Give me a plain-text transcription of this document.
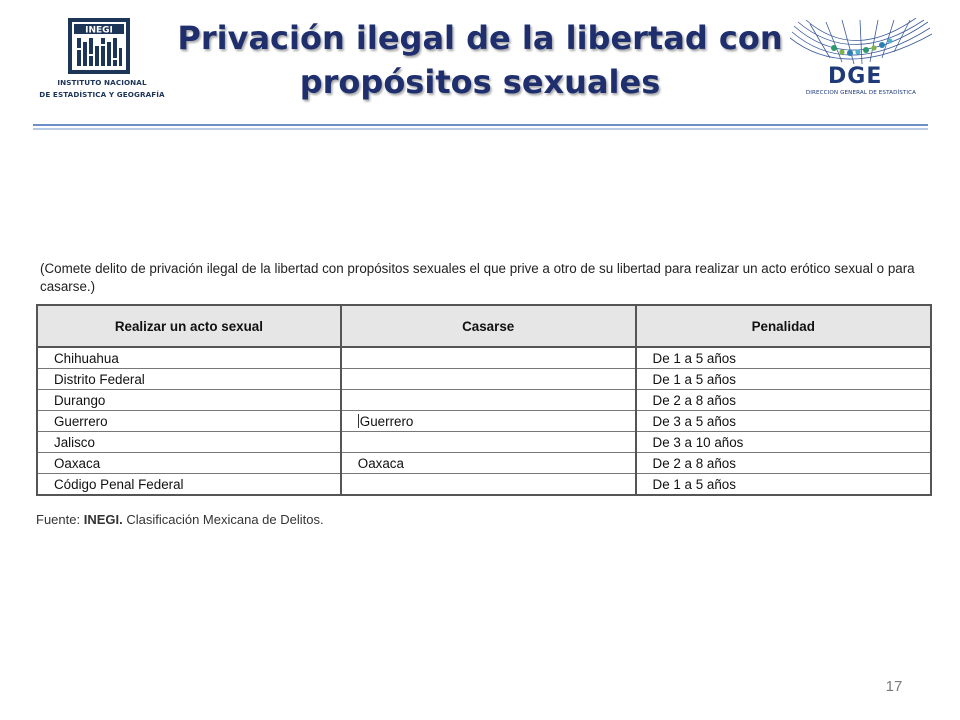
INEGI
INSTITUTO NACIONAL
DE ESTADÍSTICA Y GEOGRAFÍA
Privación ilegal de la libertad con
propósitos sexuales	DGE
DIRECCION GENERAL DE ESTADÍSTICA

(Comete delito de privación ilegal de la libertad con propósitos sexuales el que prive a otro de su libertad para realizar un acto erótico sexual o para casarse.)

Realizar un acto sexual	Casarse	Penalidad
Chihuahua		De 1 a 5 años
Distrito Federal		De 1 a 5 años
Durango		De 2 a 8 años
Guerrero	Guerrero	De 3 a 5 años
Jalisco		De 3 a 10 años
Oaxaca	Oaxaca	De 2 a 8 años
Código Penal Federal		De 1 a 5 años

Fuente: INEGI. Clasificación Mexicana de Delitos.

17
